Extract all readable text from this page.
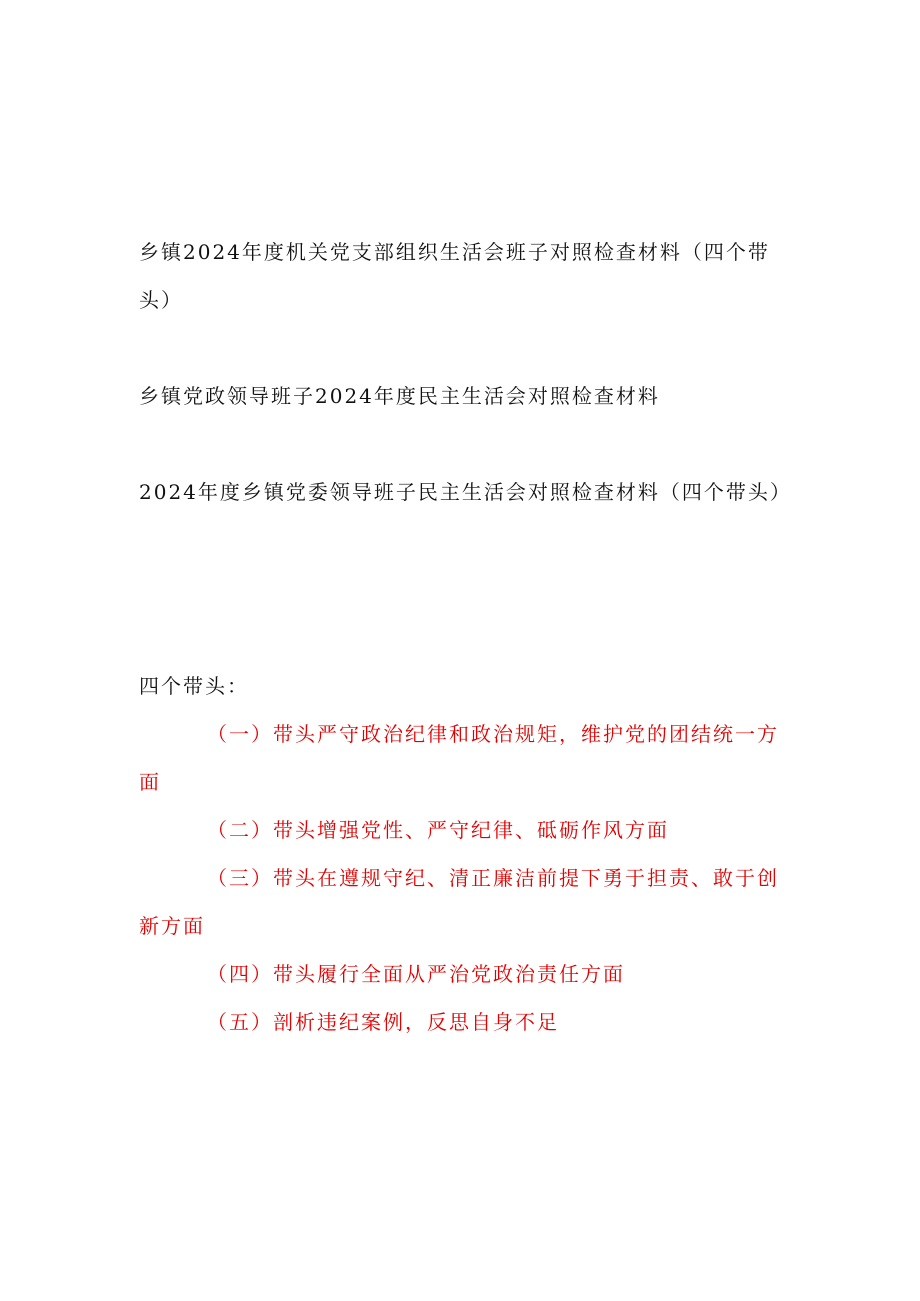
乡镇2024年度机关党支部组织生活会班子对照检查材料（四个带头）

乡镇党政领导班子2024年度民主生活会对照检查材料

2024年度乡镇党委领导班子民主生活会对照检查材料（四个带头）

四个带头：

（一）带头严守政治纪律和政治规矩，维护党的团结统一方面

（二）带头增强党性、严守纪律、砥砺作风方面

（三）带头在遵规守纪、清正廉洁前提下勇于担责、敢于创新方面

（四）带头履行全面从严治党政治责任方面

（五）剖析违纪案例，反思自身不足
